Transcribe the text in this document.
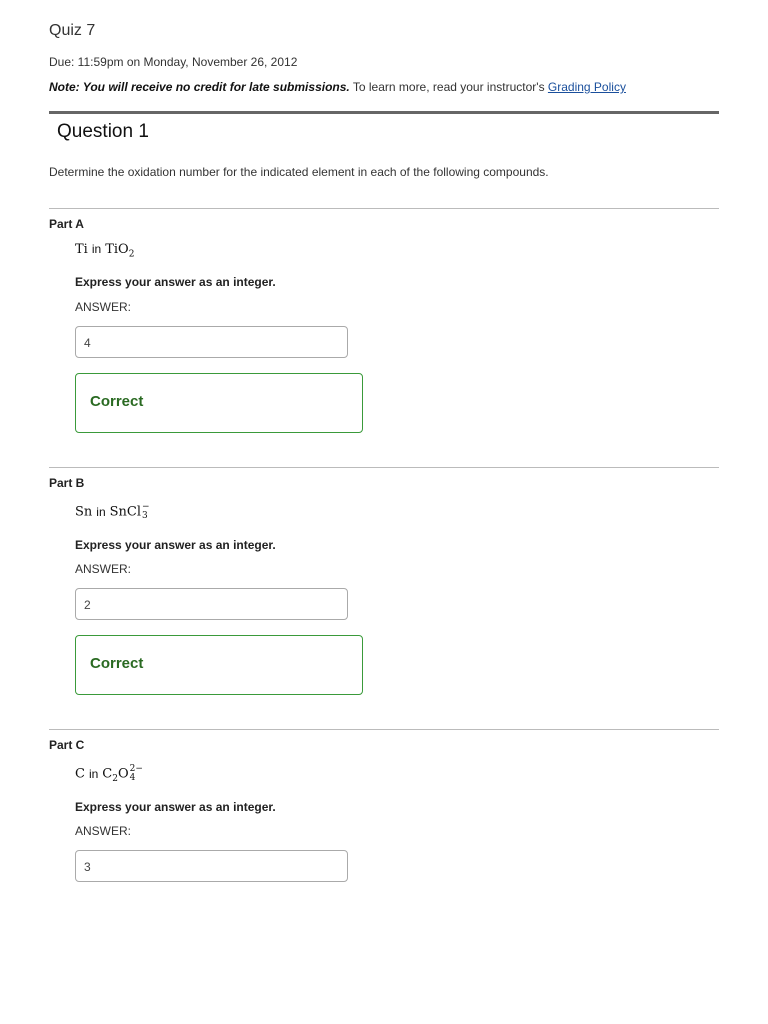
Quiz 7
Due: 11:59pm on Monday, November 26, 2012
Note: You will receive no credit for late submissions. To learn more, read your instructor's Grading Policy
Question 1
Determine the oxidation number for the indicated element in each of the following compounds.
Part A
Ti in TiO$_2$
Express your answer as an integer.
ANSWER:
4
Correct
Part B
Sn in SnCl −
3
Express your answer as an integer.
ANSWER:
2
Correct
Part C
C in $C_2O$ 2−
4
Express your answer as an integer.
ANSWER:
3
